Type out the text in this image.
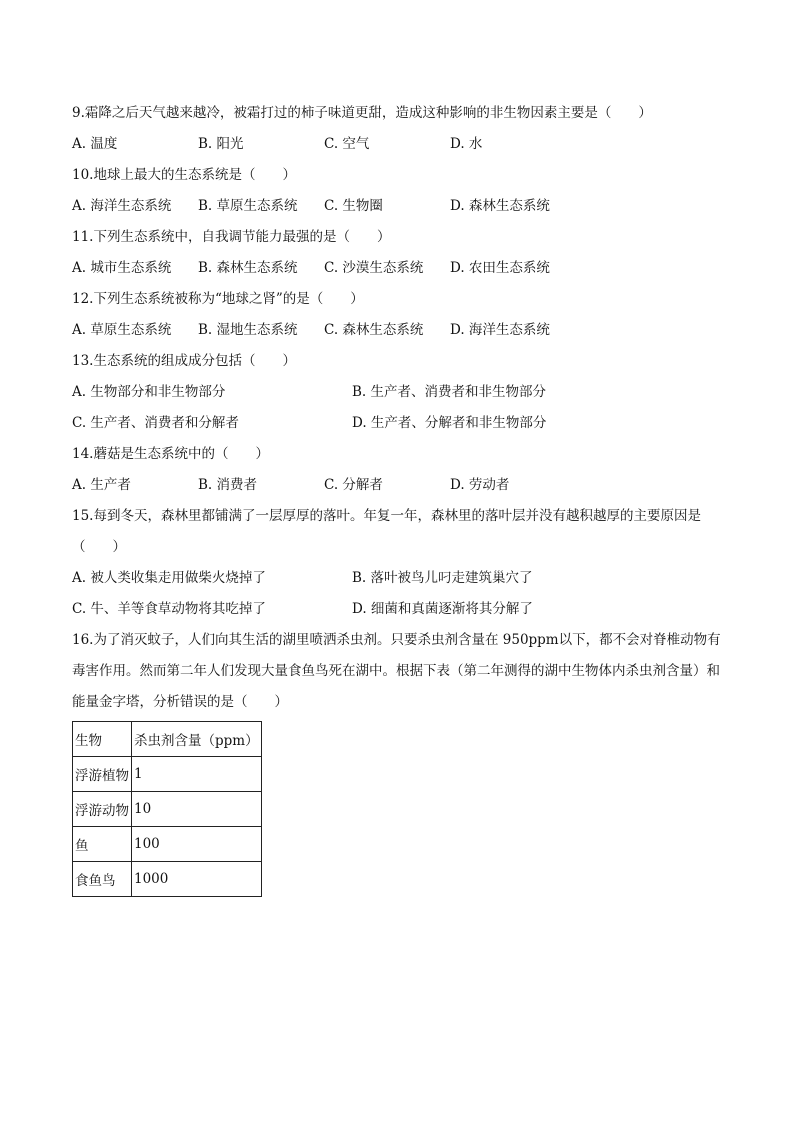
9.霜降之后天气越来越冷，被霜打过的柿子味道更甜，造成这种影响的非生物因素主要是（　　）
A. 温度	B. 阳光	C. 空气	D. 水
10.地球上最大的生态系统是（　　）
A. 海洋生态系统	B. 草原生态系统	C. 生物圈	D. 森林生态系统
11.下列生态系统中，自我调节能力最强的是（　　）
A. 城市生态系统	B. 森林生态系统	C. 沙漠生态系统	D. 农田生态系统
12.下列生态系统被称为“地球之肾”的是（　　）
A. 草原生态系统	B. 湿地生态系统	C. 森林生态系统	D. 海洋生态系统
13.生态系统的组成成分包括（　　）
A. 生物部分和非生物部分	B. 生产者、消费者和非生物部分
C. 生产者、消费者和分解者	D. 生产者、分解者和非生物部分
14.蘑菇是生态系统中的（　　）
A. 生产者	B. 消费者	C. 分解者	D. 劳动者
15.每到冬天，森林里都铺满了一层厚厚的落叶。年复一年，森林里的落叶层并没有越积越厚的主要原因是（　　）
A. 被人类收集走用做柴火烧掉了	B. 落叶被鸟儿叼走建筑巢穴了
C. 牛、羊等食草动物将其吃掉了	D. 细菌和真菌逐渐将其分解了
16.为了消灭蚊子，人们向其生活的湖里喷洒杀虫剂。只要杀虫剂含量在 950ppm以下，都不会对脊椎动物有毒害作用。然而第二年人们发现大量食鱼鸟死在湖中。根据下表（第二年测得的湖中生物体内杀虫剂含量）和能量金字塔，分析错误的是（　　）
生物	杀虫剂含量（ppm）
浮游植物	1
浮游动物	10
鱼	100
食鱼鸟	1000
